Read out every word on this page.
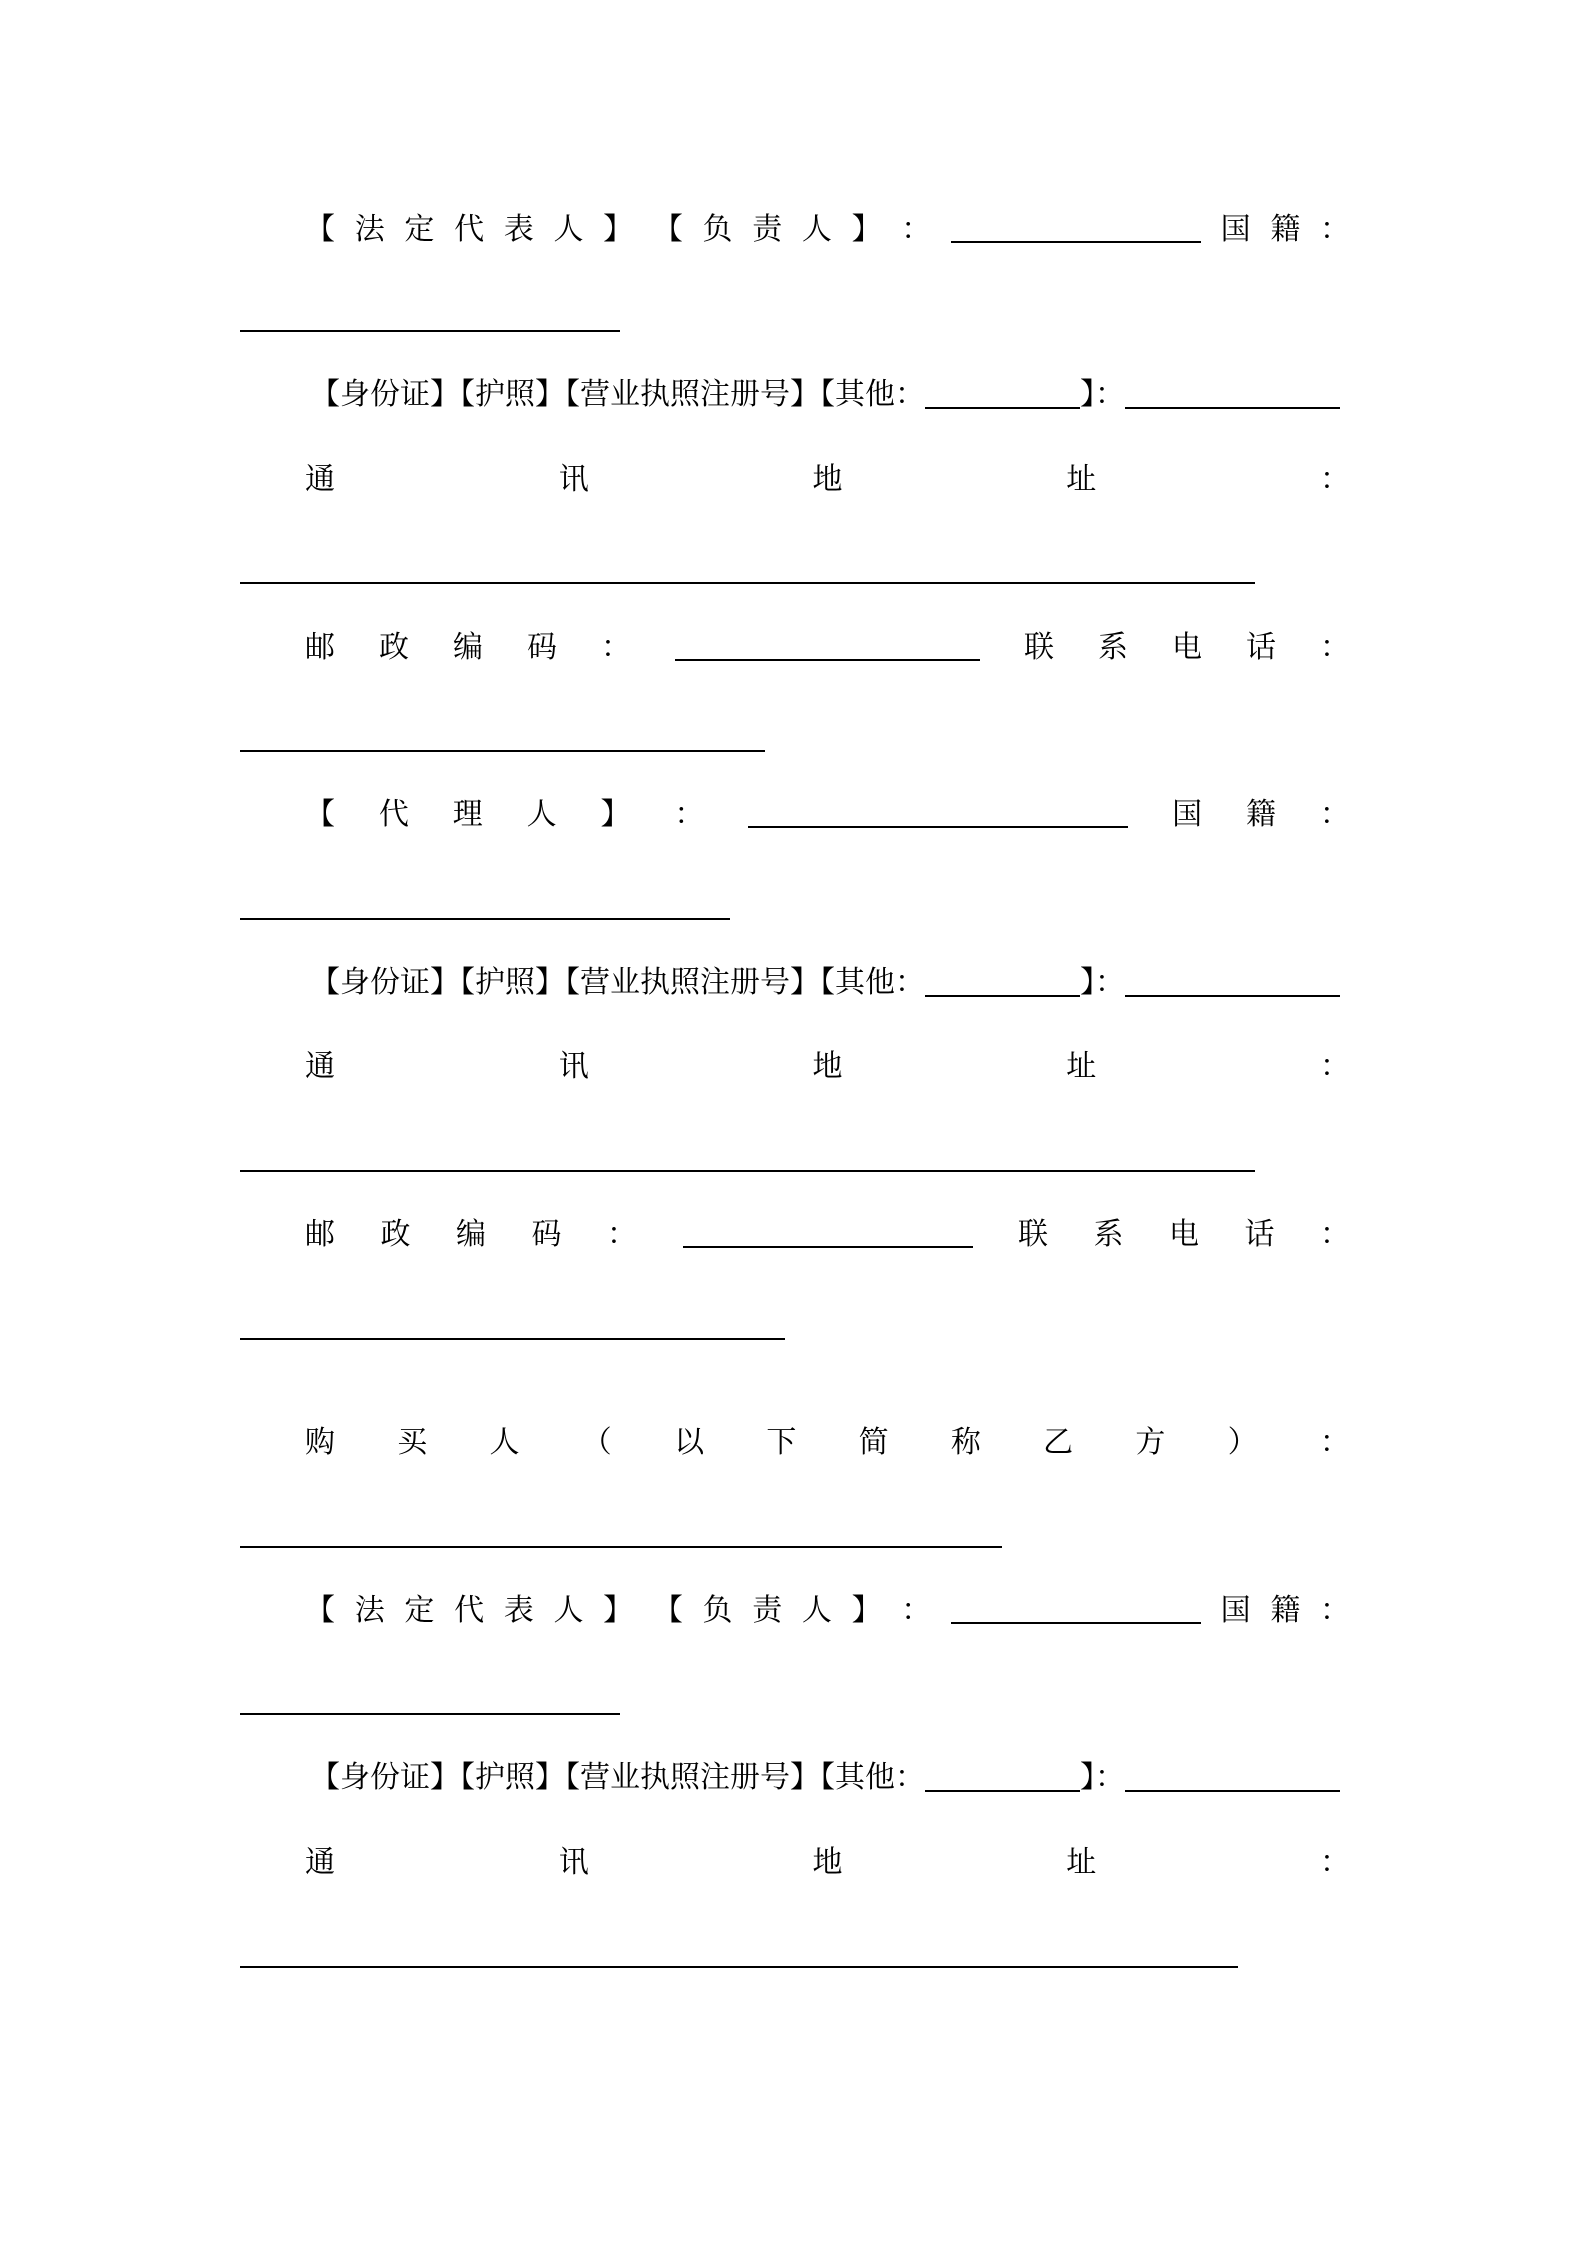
【 法 定 代 表 人 】 【 负 责 人 】 ：	国 籍 ：
【身份证】【护照】【营业执照注册号】【其他：	】：
通	讯	地	址	：
邮 政 编 码 ：	联 系 电 话 ：
【 代 理 人 】 ：	国 籍 ：
【身份证】【护照】【营业执照注册号】【其他：	】：
通	讯	地	址	：
邮 政 编 码 ：	联 系 电 话 ：
购 买 人 （ 以 下 简 称 乙 方 ） ：
【 法 定 代 表 人 】 【 负 责 人 】 ：	国 籍 ：
【身份证】【护照】【营业执照注册号】【其他：	】：
通	讯	地	址	：
